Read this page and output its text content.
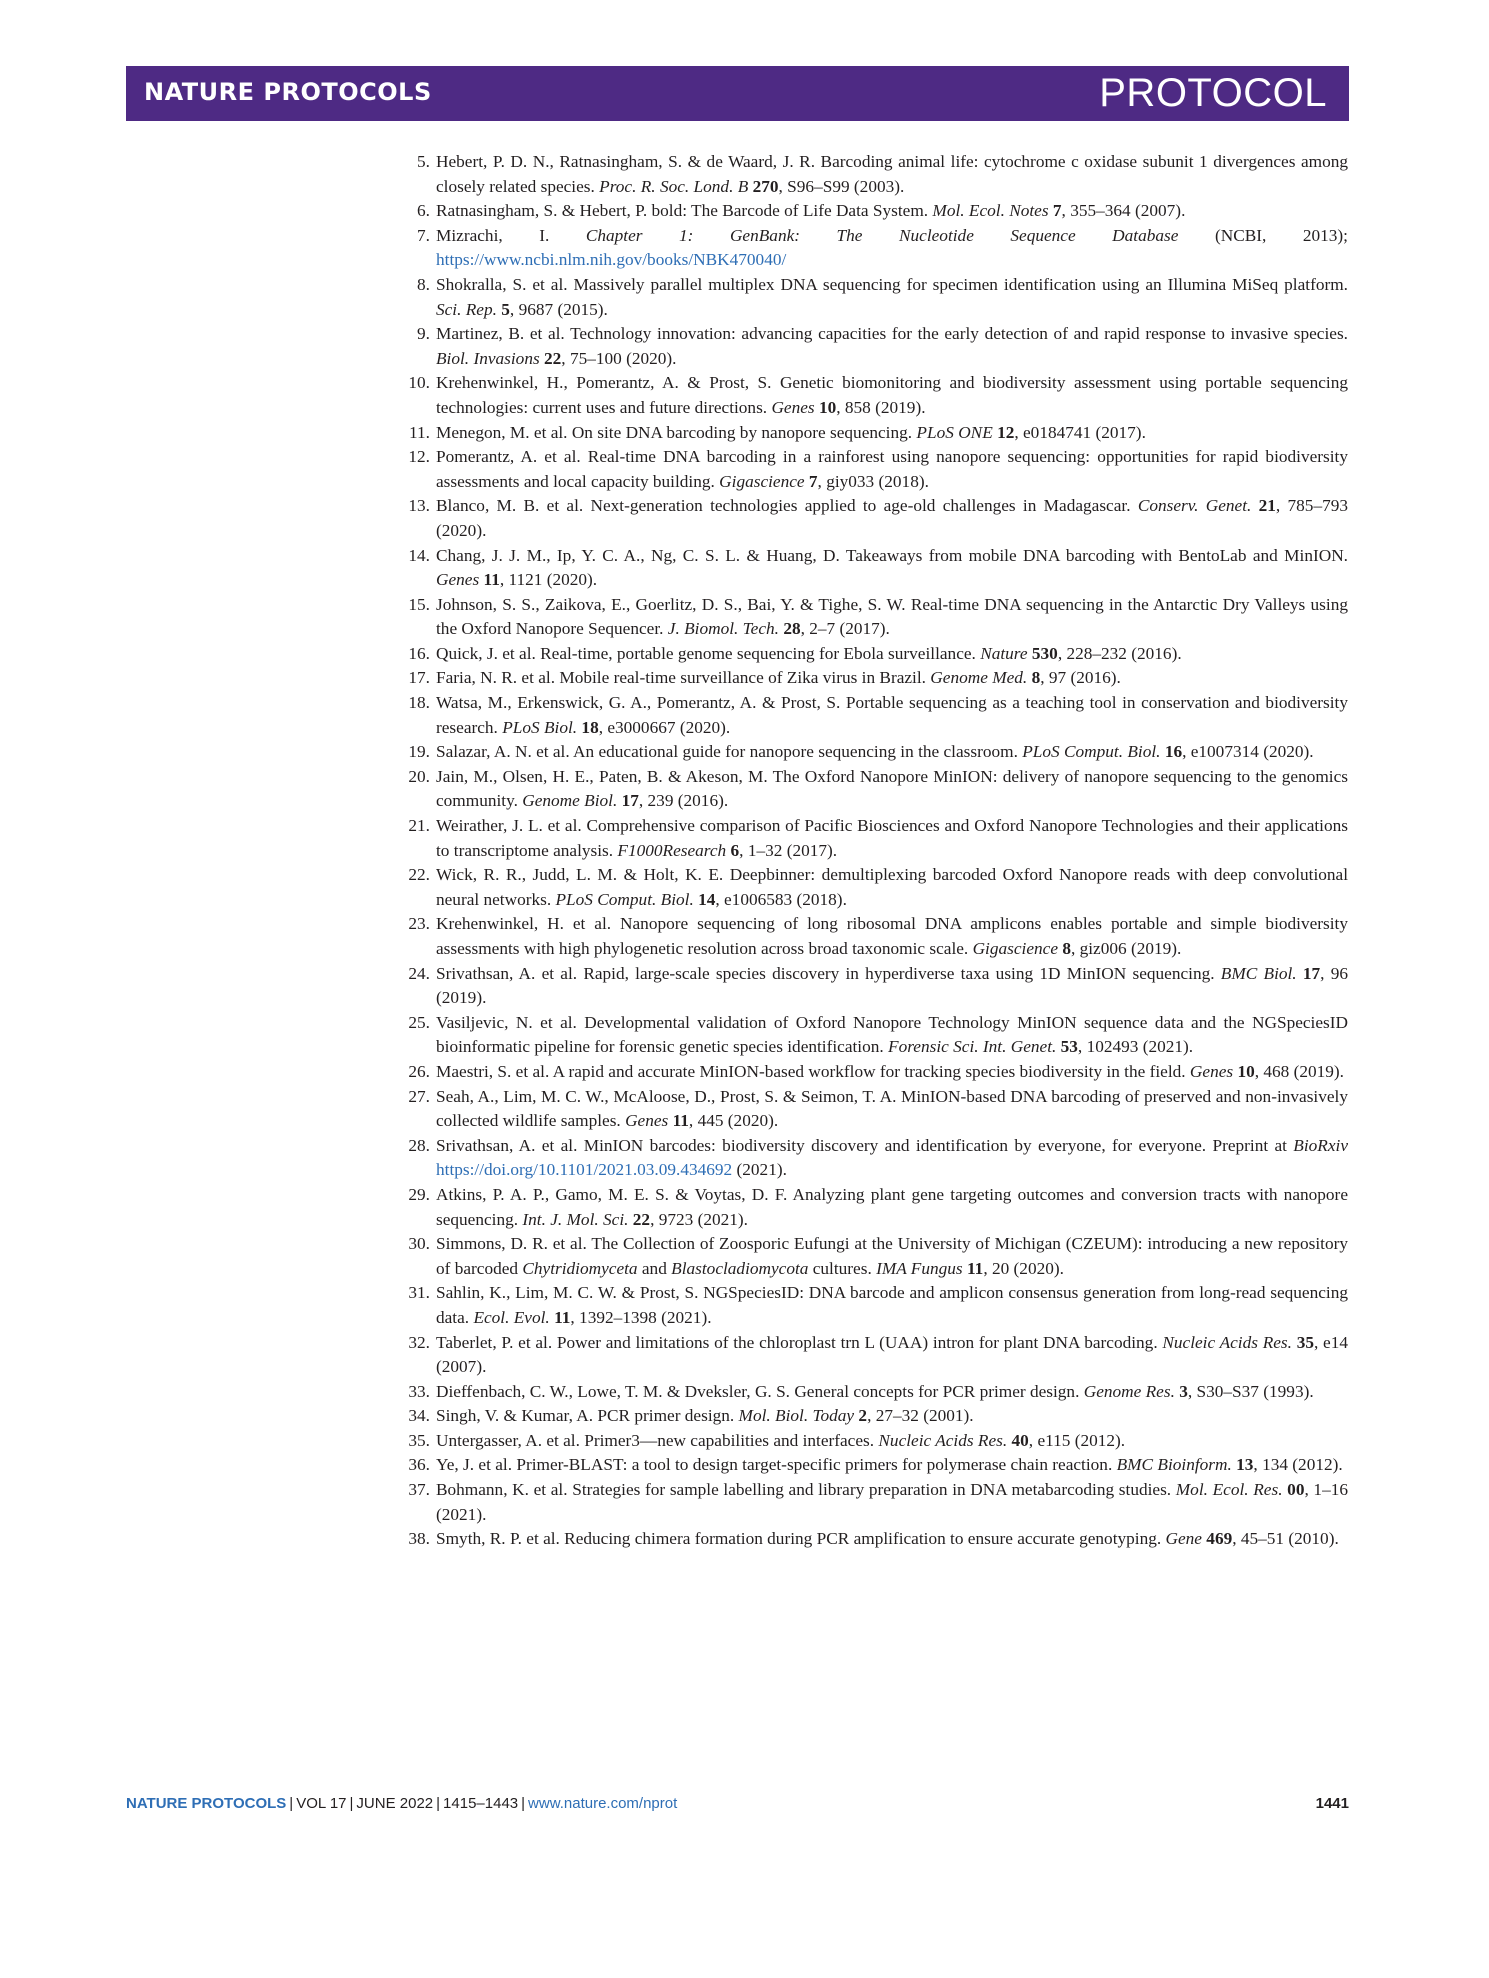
NATURE PROTOCOLS	PROTOCOL
5. Hebert, P. D. N., Ratnasingham, S. & de Waard, J. R. Barcoding animal life: cytochrome c oxidase subunit 1 divergences among closely related species. Proc. R. Soc. Lond. B 270, S96–S99 (2003).
6. Ratnasingham, S. & Hebert, P. bold: The Barcode of Life Data System. Mol. Ecol. Notes 7, 355–364 (2007).
7. Mizrachi, I. Chapter 1: GenBank: The Nucleotide Sequence Database (NCBI, 2013); https://www.ncbi.nlm.nih.gov/books/NBK470040/
8. Shokralla, S. et al. Massively parallel multiplex DNA sequencing for specimen identification using an Illumina MiSeq platform. Sci. Rep. 5, 9687 (2015).
9. Martinez, B. et al. Technology innovation: advancing capacities for the early detection of and rapid response to invasive species. Biol. Invasions 22, 75–100 (2020).
10. Krehenwinkel, H., Pomerantz, A. & Prost, S. Genetic biomonitoring and biodiversity assessment using portable sequencing technologies: current uses and future directions. Genes 10, 858 (2019).
11. Menegon, M. et al. On site DNA barcoding by nanopore sequencing. PLoS ONE 12, e0184741 (2017).
12. Pomerantz, A. et al. Real-time DNA barcoding in a rainforest using nanopore sequencing: opportunities for rapid biodiversity assessments and local capacity building. Gigascience 7, giy033 (2018).
13. Blanco, M. B. et al. Next-generation technologies applied to age-old challenges in Madagascar. Conserv. Genet. 21, 785–793 (2020).
14. Chang, J. J. M., Ip, Y. C. A., Ng, C. S. L. & Huang, D. Takeaways from mobile DNA barcoding with BentoLab and MinION. Genes 11, 1121 (2020).
15. Johnson, S. S., Zaikova, E., Goerlitz, D. S., Bai, Y. & Tighe, S. W. Real-time DNA sequencing in the Antarctic Dry Valleys using the Oxford Nanopore Sequencer. J. Biomol. Tech. 28, 2–7 (2017).
16. Quick, J. et al. Real-time, portable genome sequencing for Ebola surveillance. Nature 530, 228–232 (2016).
17. Faria, N. R. et al. Mobile real-time surveillance of Zika virus in Brazil. Genome Med. 8, 97 (2016).
18. Watsa, M., Erkenswick, G. A., Pomerantz, A. & Prost, S. Portable sequencing as a teaching tool in conservation and biodiversity research. PLoS Biol. 18, e3000667 (2020).
19. Salazar, A. N. et al. An educational guide for nanopore sequencing in the classroom. PLoS Comput. Biol. 16, e1007314 (2020).
20. Jain, M., Olsen, H. E., Paten, B. & Akeson, M. The Oxford Nanopore MinION: delivery of nanopore sequencing to the genomics community. Genome Biol. 17, 239 (2016).
21. Weirather, J. L. et al. Comprehensive comparison of Pacific Biosciences and Oxford Nanopore Technologies and their applications to transcriptome analysis. F1000Research 6, 1–32 (2017).
22. Wick, R. R., Judd, L. M. & Holt, K. E. Deepbinner: demultiplexing barcoded Oxford Nanopore reads with deep convolutional neural networks. PLoS Comput. Biol. 14, e1006583 (2018).
23. Krehenwinkel, H. et al. Nanopore sequencing of long ribosomal DNA amplicons enables portable and simple biodiversity assessments with high phylogenetic resolution across broad taxonomic scale. Gigascience 8, giz006 (2019).
24. Srivathsan, A. et al. Rapid, large-scale species discovery in hyperdiverse taxa using 1D MinION sequencing. BMC Biol. 17, 96 (2019).
25. Vasiljevic, N. et al. Developmental validation of Oxford Nanopore Technology MinION sequence data and the NGSpeciesID bioinformatic pipeline for forensic genetic species identification. Forensic Sci. Int. Genet. 53, 102493 (2021).
26. Maestri, S. et al. A rapid and accurate MinION-based workflow for tracking species biodiversity in the field. Genes 10, 468 (2019).
27. Seah, A., Lim, M. C. W., McAloose, D., Prost, S. & Seimon, T. A. MinION-based DNA barcoding of preserved and non-invasively collected wildlife samples. Genes 11, 445 (2020).
28. Srivathsan, A. et al. MinION barcodes: biodiversity discovery and identification by everyone, for everyone. Preprint at BioRxiv https://doi.org/10.1101/2021.03.09.434692 (2021).
29. Atkins, P. A. P., Gamo, M. E. S. & Voytas, D. F. Analyzing plant gene targeting outcomes and conversion tracts with nanopore sequencing. Int. J. Mol. Sci. 22, 9723 (2021).
30. Simmons, D. R. et al. The Collection of Zoosporic Eufungi at the University of Michigan (CZEUM): introducing a new repository of barcoded Chytridiomyceta and Blastocladiomycota cultures. IMA Fungus 11, 20 (2020).
31. Sahlin, K., Lim, M. C. W. & Prost, S. NGSpeciesID: DNA barcode and amplicon consensus generation from long-read sequencing data. Ecol. Evol. 11, 1392–1398 (2021).
32. Taberlet, P. et al. Power and limitations of the chloroplast trn L (UAA) intron for plant DNA barcoding. Nucleic Acids Res. 35, e14 (2007).
33. Dieffenbach, C. W., Lowe, T. M. & Dveksler, G. S. General concepts for PCR primer design. Genome Res. 3, S30–S37 (1993).
34. Singh, V. & Kumar, A. PCR primer design. Mol. Biol. Today 2, 27–32 (2001).
35. Untergasser, A. et al. Primer3—new capabilities and interfaces. Nucleic Acids Res. 40, e115 (2012).
36. Ye, J. et al. Primer-BLAST: a tool to design target-specific primers for polymerase chain reaction. BMC Bioinform. 13, 134 (2012).
37. Bohmann, K. et al. Strategies for sample labelling and library preparation in DNA metabarcoding studies. Mol. Ecol. Res. 00, 1–16 (2021).
38. Smyth, R. P. et al. Reducing chimera formation during PCR amplification to ensure accurate genotyping. Gene 469, 45–51 (2010).
NATURE PROTOCOLS | VOL 17 | JUNE 2022 | 1415–1443 | www.nature.com/nprot	1441
